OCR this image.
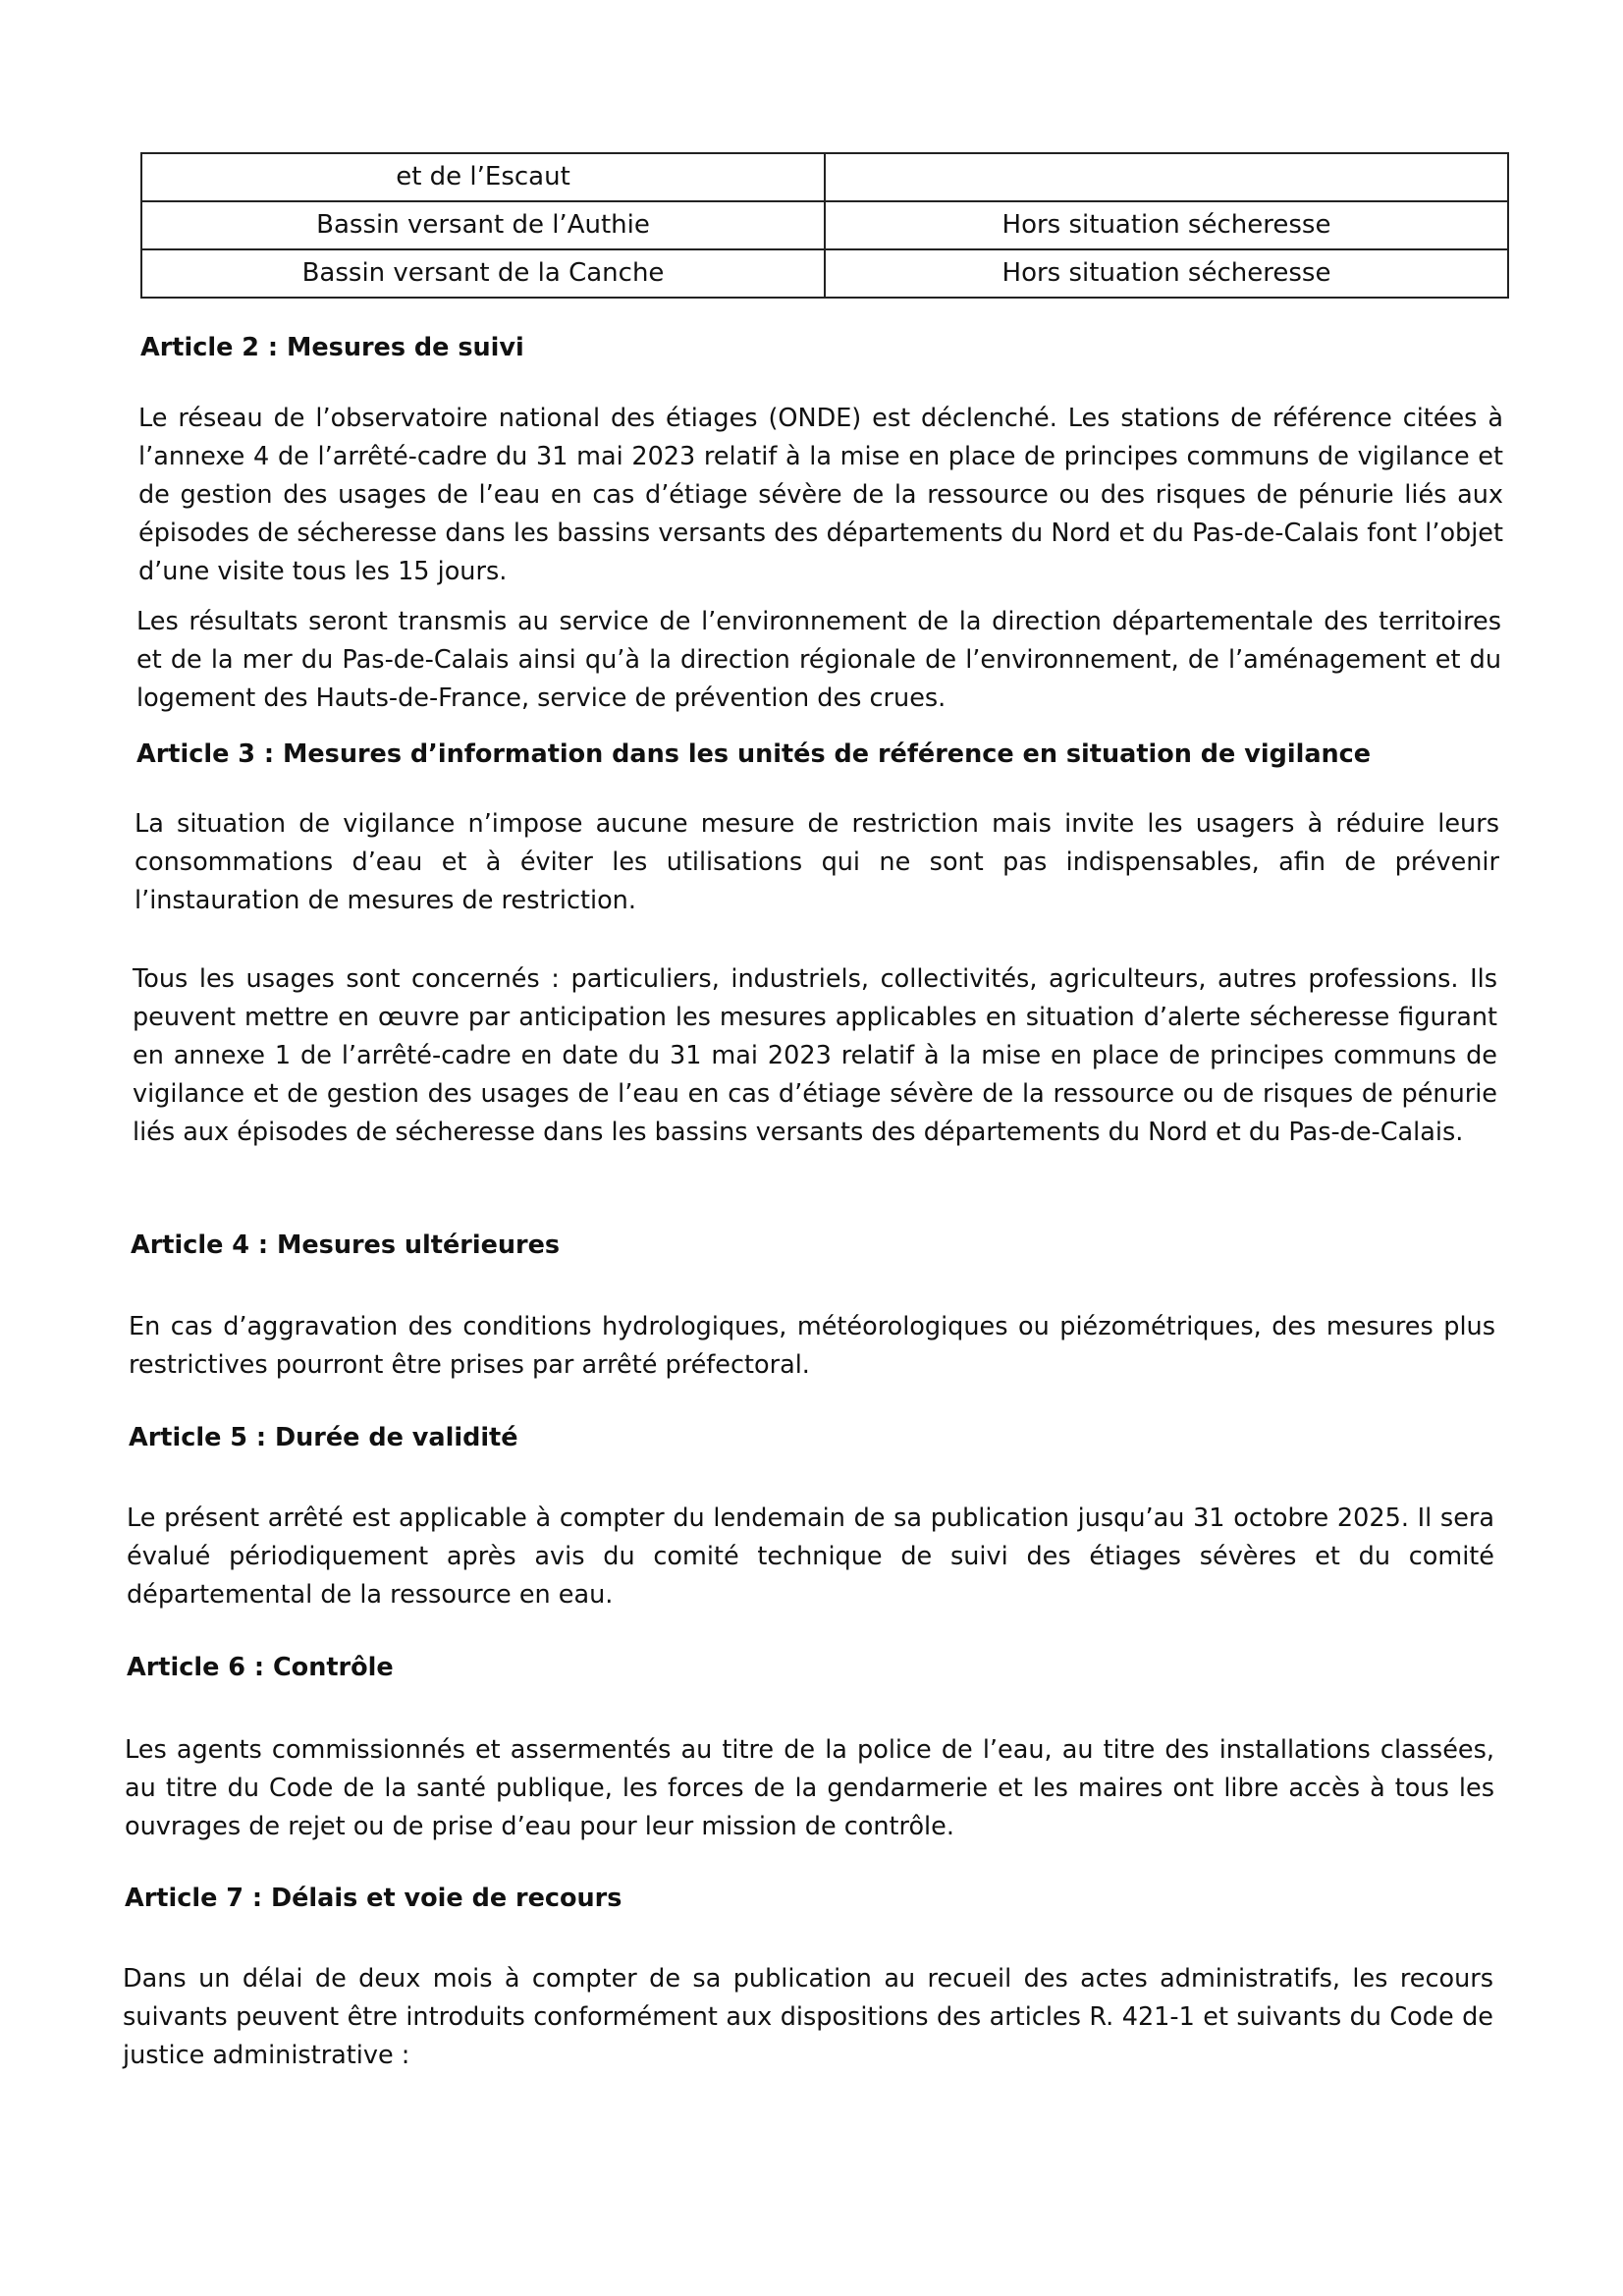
et de l’Escaut	
Bassin versant de l’Authie	Hors situation sécheresse
Bassin versant de la Canche	Hors situation sécheresse
Article 2 : Mesures de suivi

Le réseau de l’observatoire national des étiages (ONDE) est déclenché. Les stations de référence citées à l’annexe 4 de l’arrêté-cadre du 31 mai 2023 relatif à la mise en place de principes communs de vigilance et de gestion des usages de l’eau en cas d’étiage sévère de la ressource ou des risques de pénurie liés aux épisodes de sécheresse dans les bassins versants des départements du Nord et du Pas-de-Calais font l’objet d’une visite tous les 15 jours.

Les résultats seront transmis au service de l’environnement de la direction départementale des territoires et de la mer du Pas-de-Calais ainsi qu’à la direction régionale de l’environnement, de l’aménagement et du logement des Hauts-de-France, service de prévention des crues.

Article 3 : Mesures d’information dans les unités de référence en situation de vigilance

La situation de vigilance n’impose aucune mesure de restriction mais invite les usagers à réduire leurs consommations d’eau et à éviter les utilisations qui ne sont pas indispensables, afin de prévenir l’instauration de mesures de restriction.

Tous les usages sont concernés : particuliers, industriels, collectivités, agriculteurs, autres professions. Ils peuvent mettre en œuvre par anticipation les mesures applicables en situation d’alerte sécheresse figurant en annexe 1 de l’arrêté-cadre en date du 31 mai 2023 relatif à la mise en place de principes communs de vigilance et de gestion des usages de l’eau en cas d’étiage sévère de la ressource ou de risques de pénurie liés aux épisodes de sécheresse dans les bassins versants des départements du Nord et du Pas-de-Calais.

Article 4 : Mesures ultérieures

En cas d’aggravation des conditions hydrologiques, météorologiques ou piézométriques, des mesures plus restrictives pourront être prises par arrêté préfectoral.

Article 5 : Durée de validité

Le présent arrêté est applicable à compter du lendemain de sa publication jusqu’au 31 octobre 2025. Il sera évalué périodiquement après avis du comité technique de suivi des étiages sévères et du comité départemental de la ressource en eau.

Article 6 : Contrôle

Les agents commissionnés et assermentés au titre de la police de l’eau, au titre des installations classées, au titre du Code de la santé publique, les forces de la gendarmerie et les maires ont libre accès à tous les ouvrages de rejet ou de prise d’eau pour leur mission de contrôle.

Article 7 : Délais et voie de recours

Dans un délai de deux mois à compter de sa publication au recueil des actes administratifs, les recours suivants peuvent être introduits conformément aux dispositions des articles R. 421-1 et suivants du Code de justice administrative :
